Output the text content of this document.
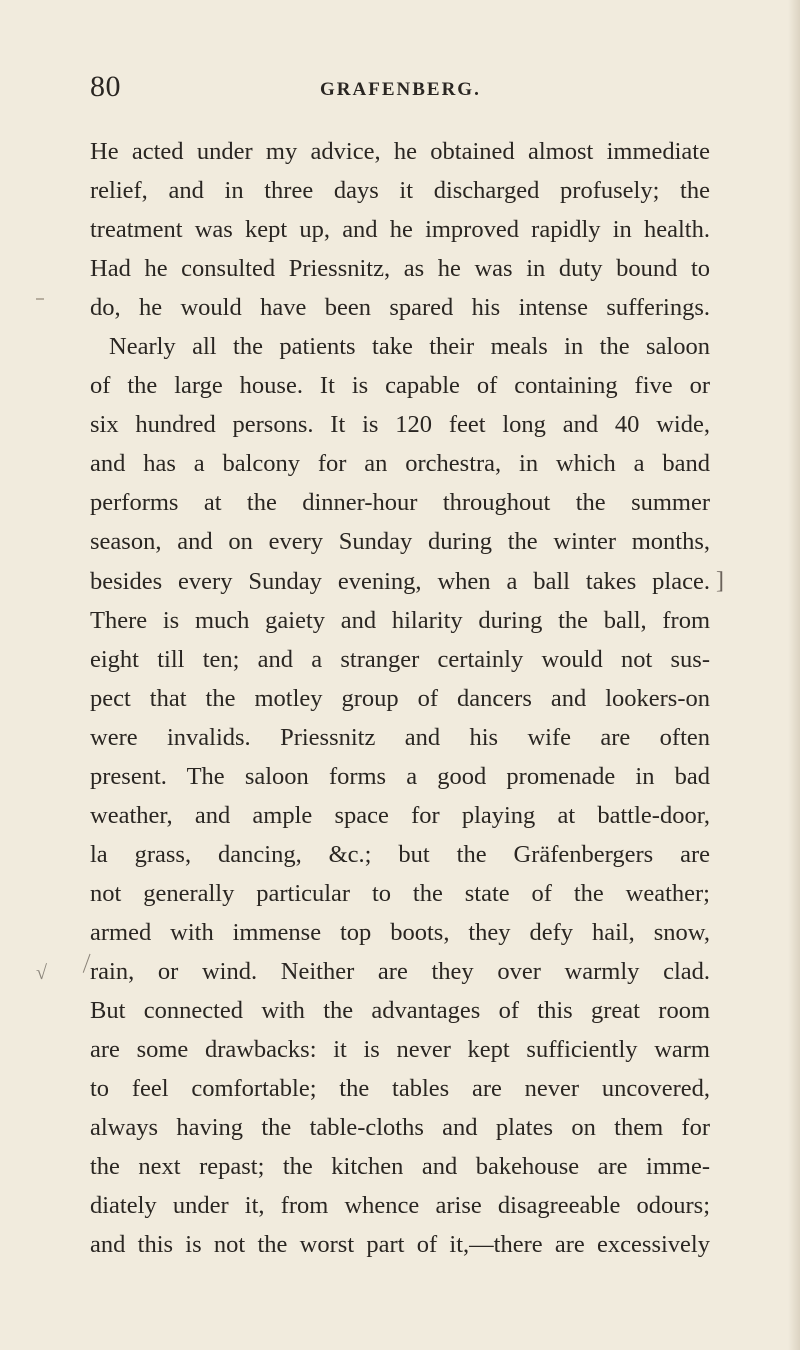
80	GRAFENBERG.
He acted under my advice, he obtained almost immediate
relief, and in three days it discharged profusely; the
treatment was kept up, and he improved rapidly in health.
Had he consulted Priessnitz, as he was in duty bound to
do, he would have been spared his intense sufferings.
Nearly all the patients take their meals in the saloon
of the large house. It is capable of containing five or
six hundred persons. It is 120 feet long and 40 wide,
and has a balcony for an orchestra, in which a band
performs at the dinner-hour throughout the summer
season, and on every Sunday during the winter months,
besides every Sunday evening, when a ball takes place.
There is much gaiety and hilarity during the ball, from
eight till ten; and a stranger certainly would not sus-
pect that the motley group of dancers and lookers-on
were invalids. Priessnitz and his wife are often
present. The saloon forms a good promenade in bad
weather, and ample space for playing at battle-door,
la grass, dancing, &c.; but the Gräfenbergers are
not generally particular to the state of the weather;
armed with immense top boots, they defy hail, snow,
rain, or wind. Neither are they over warmly clad.
But connected with the advantages of this great room
are some drawbacks: it is never kept sufficiently warm
to feel comfortable; the tables are never uncovered,
always having the table-cloths and plates on them for
the next repast; the kitchen and bakehouse are imme-
diately under it, from whence arise disagreeable odours;
and this is not the worst part of it,—there are excessively
]
√
